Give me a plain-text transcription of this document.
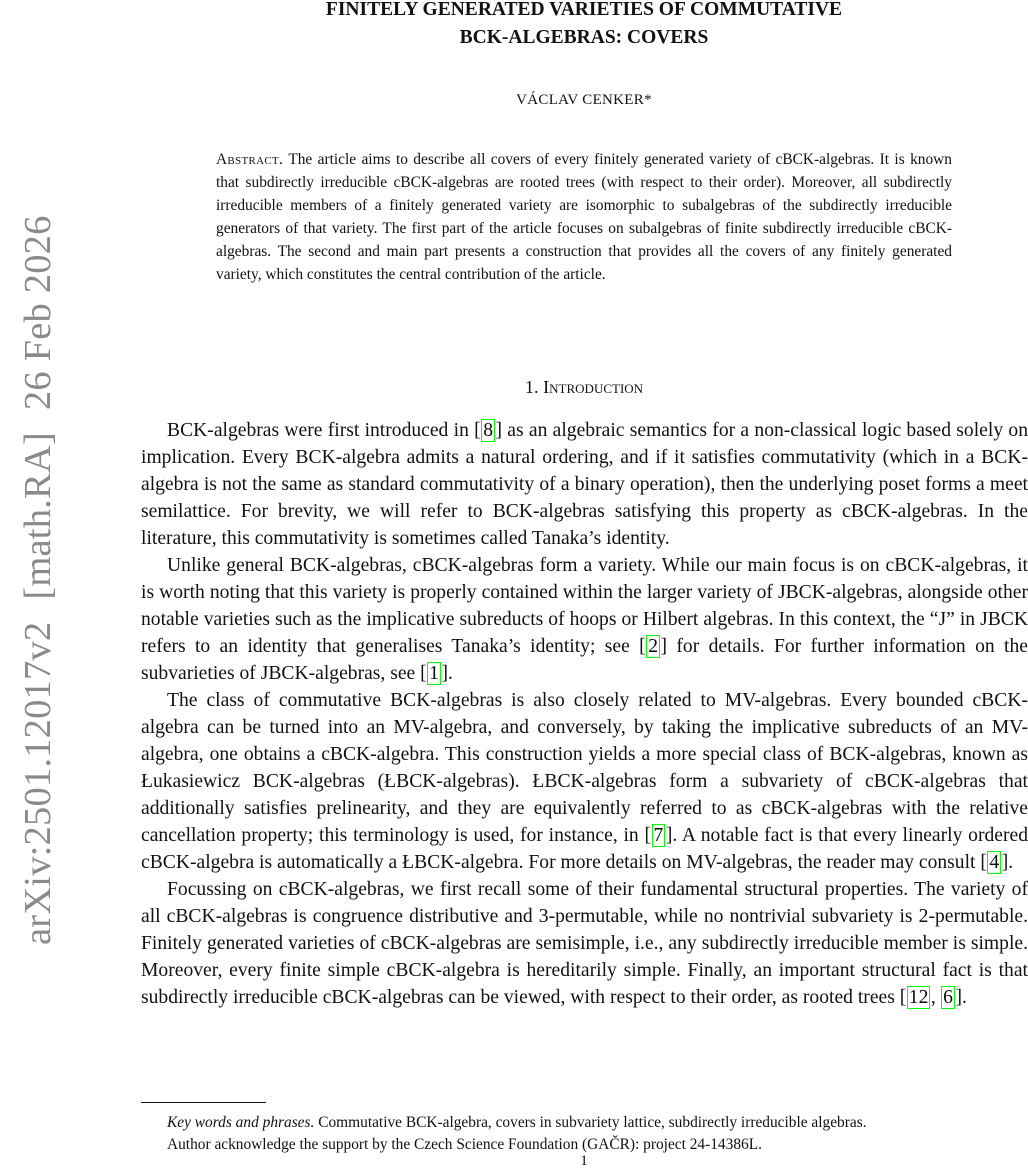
arXiv:2501.12017v2[math.RA]26 Feb 2026
FINITELY GENERATED VARIETIES OF COMMUTATIVE
BCK-ALGEBRAS: COVERS
VÁCLAV CENKER*
Abstract. The article aims to describe all covers of every finitely generated variety of cBCK-algebras. It is known that subdirectly irreducible cBCK-algebras are rooted trees (with respect to their order). Moreover, all subdirectly irreducible members of a finitely generated variety are isomorphic to subalgebras of the subdirectly irreducible generators of that variety. The first part of the article focuses on subalgebras of finite subdirectly irreducible cBCK-algebras. The second and main part presents a construction that provides all the covers of any finitely generated variety, which constitutes the central contribution of the article.
1. Introduction

BCK-algebras were first introduced in [ 8 ] as an algebraic semantics for a non-classical logic based solely on implication. Every BCK-algebra admits a natural ordering, and if it satisfies commutativity (which in a BCK-algebra is not the same as standard commutativity of a binary operation), then the underlying poset forms a meet semilattice. For brevity, we will refer to BCK-algebras satisfying this property as cBCK-algebras. In the literature, this commutativity is sometimes called Tanaka’s identity.

Unlike general BCK-algebras, cBCK-algebras form a variety. While our main focus is on cBCK-algebras, it is worth noting that this variety is properly contained within the larger variety of JBCK-algebras, alongside other notable varieties such as the implicative subreducts of hoops or Hilbert algebras. In this context, the “J” in JBCK refers to an identity that generalises Tanaka’s identity; see [ 2 ] for details. For further information on the subvarieties of JBCK-algebras, see [ 1 ].

The class of commutative BCK-algebras is also closely related to MV-algebras. Every bounded cBCK-algebra can be turned into an MV-algebra, and conversely, by taking the implicative subreducts of an MV-algebra, one obtains a cBCK-algebra. This construction yields a more special class of BCK-algebras, known as Łukasiewicz BCK-algebras (ŁBCK-algebras). ŁBCK-algebras form a subvariety of cBCK-algebras that additionally satisfies prelinearity, and they are equivalently referred to as cBCK-algebras with the relative cancellation property; this terminology is used, for instance, in [ 7 ]. A notable fact is that every linearly ordered cBCK-algebra is automatically a ŁBCK-algebra. For more details on MV-algebras, the reader may consult [ 4 ].

Focussing on cBCK-algebras, we first recall some of their fundamental structural properties. The variety of all cBCK-algebras is congruence distributive and 3-permutable, while no nontrivial subvariety is 2-permutable. Finitely generated varieties of cBCK-algebras are semisimple, i.e., any subdirectly irreducible member is simple. Moreover, every finite simple cBCK-algebra is hereditarily simple. Finally, an important structural fact is that subdirectly irreducible cBCK-algebras can be viewed, with respect to their order, as rooted trees [ 12 , 6 ].

Key words and phrases. Commutative BCK-algebra, covers in subvariety lattice, subdirectly irreducible algebras.
Author acknowledge the support by the Czech Science Foundation (GAČR): project 24-14386L.
1
